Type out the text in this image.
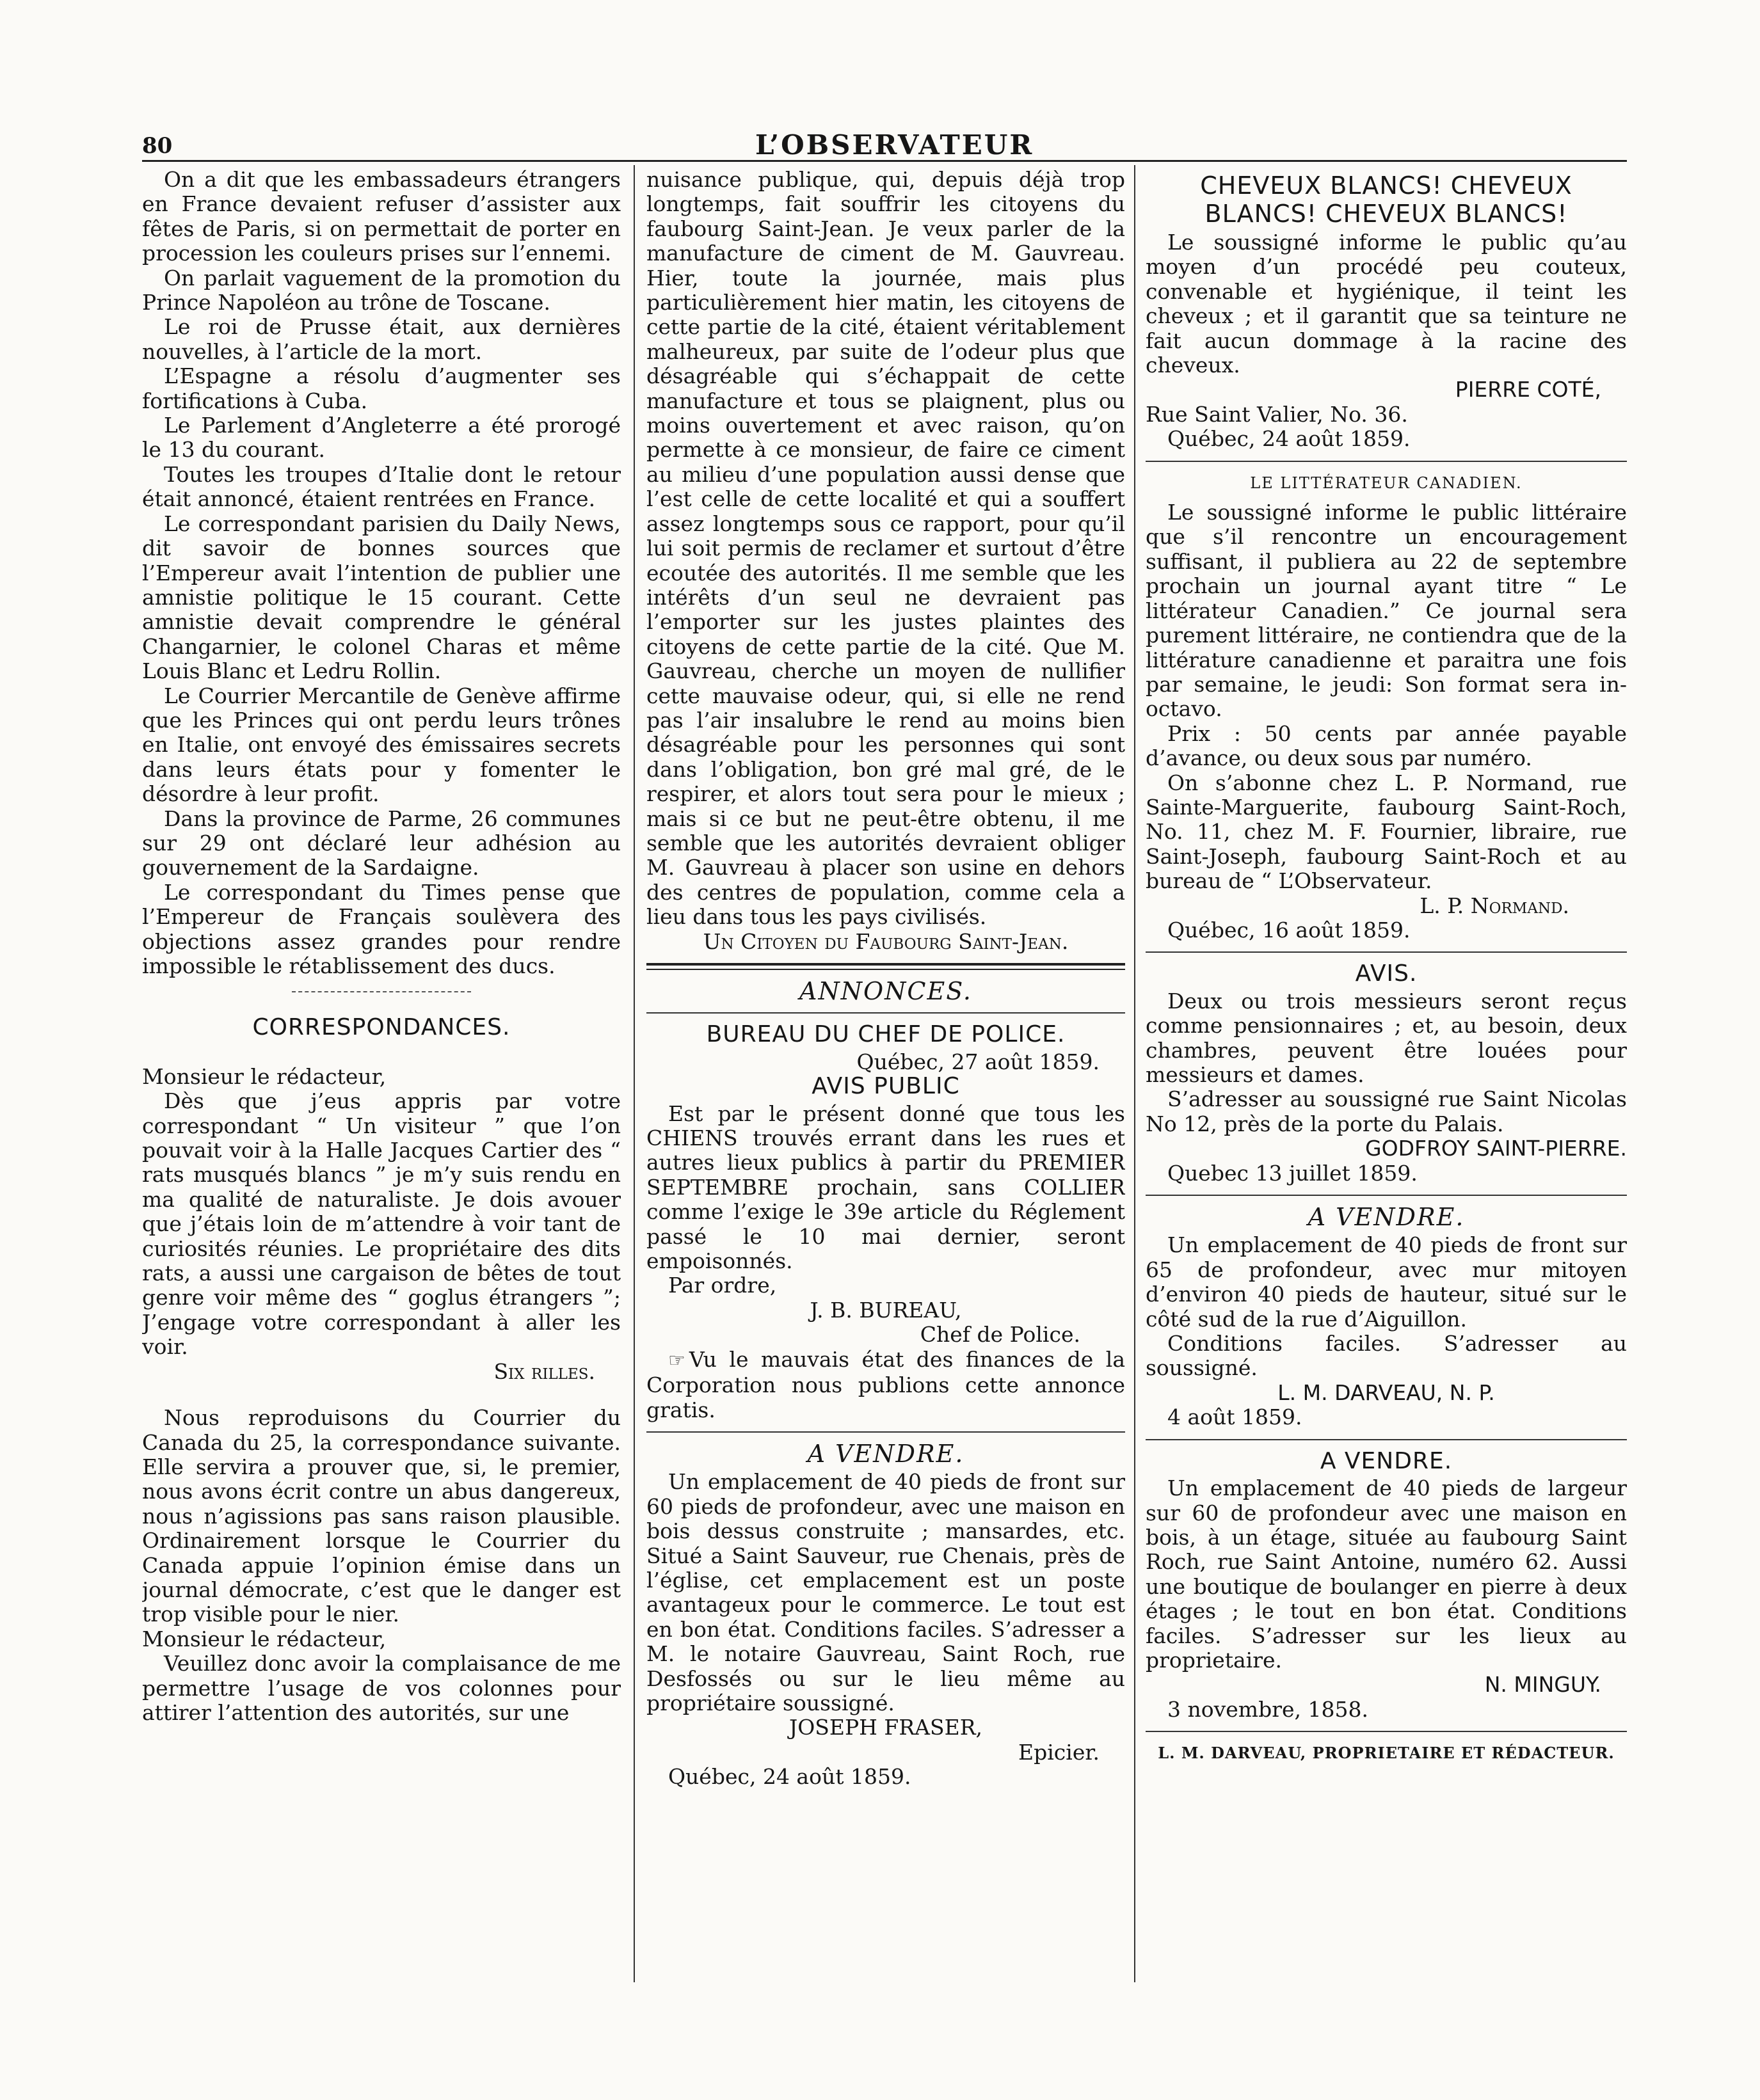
80	L’OBSERVATEUR

On a dit que les embassadeurs étrangers en France devaient refuser d’assister aux fêtes de Paris, si on permettait de porter en procession les couleurs prises sur l’ennemi.

On parlait vaguement de la promotion du Prince Napoléon au trône de Toscane.

Le roi de Prusse était, aux dernières nouvelles, à l’article de la mort.

L’Espagne a résolu d’augmenter ses fortifications à Cuba.

Le Parlement d’Angleterre a été prorogé le 13 du courant.

Toutes les troupes d’Italie dont le retour était annoncé, étaient rentrées en France.

Le correspondant parisien du Daily News, dit savoir de bonnes sources que l’Empereur avait l’intention de publier une amnistie politique le 15 courant. Cette amnistie devait comprendre le général Changarnier, le colonel Charas et même Louis Blanc et Ledru Rollin.

Le Courrier Mercantile de Genève affirme que les Princes qui ont perdu leurs trônes en Italie, ont envoyé des émissaires secrets dans leurs états pour y fomenter le désordre à leur profit.

Dans la province de Parme, 26 communes sur 29 ont déclaré leur adhésion au gouvernement de la Sardaigne.

Le correspondant du Times pense que l’Empereur de Français soulèvera des objections assez grandes pour rendre impossible le rétablissement des ducs.

CORRESPONDANCES.

Monsieur le rédacteur,

Dès que j’eus appris par votre correspondant “ Un visiteur ” que l’on pouvait voir à la Halle Jacques Cartier des “ rats musqués blancs ” je m’y suis rendu en ma qualité de naturaliste. Je dois avouer que j’étais loin de m’attendre à voir tant de curiosités réunies. Le propriétaire des dits rats, a aussi une cargaison de bêtes de tout genre voir même des “ goglus étrangers ”; J’engage votre correspondant à aller les voir.

Six rilles.

Nous reproduisons du Courrier du Canada du 25, la correspondance suivante. Elle servira a prouver que, si, le premier, nous avons écrit contre un abus dangereux, nous n’agissions pas sans raison plausible. Ordinairement lorsque le Courrier du Canada appuie l’opinion émise dans un journal démocrate, c’est que le danger est trop visible pour le nier.

Monsieur le rédacteur,

Veuillez donc avoir la complaisance de me permettre l’usage de vos colonnes pour attirer l’attention des autorités, sur une

nuisance publique, qui, depuis déjà trop longtemps, fait souffrir les citoyens du faubourg Saint-Jean. Je veux parler de la manufacture de ciment de M. Gauvreau. Hier, toute la journée, mais plus particulièrement hier matin, les citoyens de cette partie de la cité, étaient véritablement malheureux, par suite de l’odeur plus que désagréable qui s’échappait de cette manufacture et tous se plaignent, plus ou moins ouvertement et avec raison, qu’on permette à ce monsieur, de faire ce ciment au milieu d’une population aussi dense que l’est celle de cette localité et qui a souffert assez longtemps sous ce rapport, pour qu’il lui soit permis de reclamer et surtout d’être ecoutée des autorités. Il me semble que les intérêts d’un seul ne devraient pas l’emporter sur les justes plaintes des citoyens de cette partie de la cité. Que M. Gauvreau, cherche un moyen de nullifier cette mauvaise odeur, qui, si elle ne rend pas l’air insalubre le rend au moins bien désagréable pour les personnes qui sont dans l’obligation, bon gré mal gré, de le respirer, et alors tout sera pour le mieux ; mais si ce but ne peut-être obtenu, il me semble que les autorités devraient obliger M. Gauvreau à placer son usine en dehors des centres de population, comme cela a lieu dans tous les pays civilisés.

Un Citoyen du Faubourg Saint-Jean.

ANNONCES.
BUREAU DU CHEF DE POLICE.

Québec, 27 août 1859.

AVIS PUBLIC

Est par le présent donné que tous les CHIENS trouvés errant dans les rues et autres lieux publics à partir du PREMIER SEPTEMBRE prochain, sans COLLIER comme l’exige le 39e article du Réglement passé le 10 mai dernier, seront empoisonnés.

Par ordre,

J. B. BUREAU,

Chef de Police.

☞ Vu le mauvais état des finances de la Corporation nous publions cette annonce gratis.

A VENDRE.

Un emplacement de 40 pieds de front sur 60 pieds de profondeur, avec une maison en bois dessus construite ; mansardes, etc. Situé a Saint Sauveur, rue Chenais, près de l’église, cet emplacement est un poste avantageux pour le commerce. Le tout est en bon état. Conditions faciles. S’adresser a M. le notaire Gauvreau, Saint Roch, rue Desfossés ou sur le lieu même au propriétaire soussigné.

JOSEPH FRASER,

Epicier.

Québec, 24 août 1859.

CHEVEUX BLANCS! CHEVEUX BLANCS! CHEVEUX BLANCS!

Le soussigné informe le public qu’au moyen d’un procédé peu couteux, convenable et hygiénique, il teint les cheveux ; et il garantit que sa teinture ne fait aucun dommage à la racine des cheveux.

PIERRE COTÉ,

Rue Saint Valier, No. 36.

Québec, 24 août 1859.

LE LITTÉRATEUR CANADIEN.

Le soussigné informe le public littéraire que s’il rencontre un encouragement suffisant, il publiera au 22 de septembre prochain un journal ayant titre “ Le littérateur Canadien.” Ce journal sera purement littéraire, ne contiendra que de la littérature canadienne et paraitra une fois par semaine, le jeudi: Son format sera in-octavo.

Prix : 50 cents par année payable d’avance, ou deux sous par numéro.

On s’abonne chez L. P. Normand, rue Sainte-Marguerite, faubourg Saint-Roch, No. 11, chez M. F. Fournier, libraire, rue Saint-Joseph, faubourg Saint-Roch et au bureau de “ L’Observateur.

L. P. Normand.

Québec, 16 août 1859.

AVIS.

Deux ou trois messieurs seront reçus comme pensionnaires ; et, au besoin, deux chambres, peuvent être louées pour messieurs et dames.

S’adresser au soussigné rue Saint Nicolas No 12, près de la porte du Palais.

GODFROY SAINT-PIERRE.

Quebec 13 juillet 1859.

A VENDRE.

Un emplacement de 40 pieds de front sur 65 de profondeur, avec mur mitoyen d’environ 40 pieds de hauteur, situé sur le côté sud de la rue d’Aiguillon.

Conditions faciles. S’adresser au soussigné.

L. M. DARVEAU, N. P.

4 août 1859.

A VENDRE.

Un emplacement de 40 pieds de largeur sur 60 de profondeur avec une maison en bois, à un étage, située au faubourg Saint Roch, rue Saint Antoine, numéro 62. Aussi une boutique de boulanger en pierre à deux étages ; le tout en bon état. Conditions faciles. S’adresser sur les lieux au proprietaire.

N. MINGUY.

3 novembre, 1858.

L. M. DARVEAU, PROPRIETAIRE ET RÉDACTEUR.
